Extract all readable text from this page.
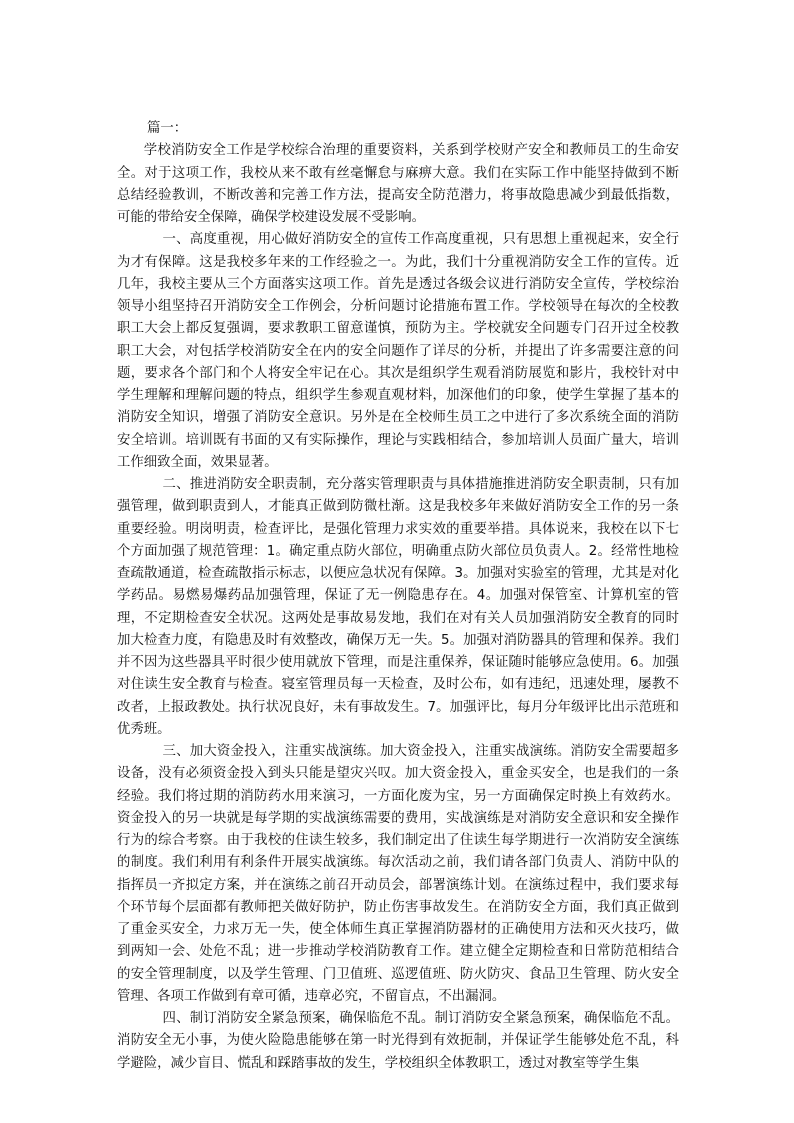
篇一：

学校消防安全工作是学校综合治理的重要资料，关系到学校财产安全和教师员工的生命安全。对于这项工作，我校从来不敢有丝毫懈怠与麻痹大意。我们在实际工作中能坚持做到不断总结经验教训，不断改善和完善工作方法，提高安全防范潜力，将事故隐患减少到最低指数，可能的带给安全保障，确保学校建设发展不受影响。

一、高度重视，用心做好消防安全的宣传工作高度重视，只有思想上重视起来，安全行为才有保障。这是我校多年来的工作经验之一。为此，我们十分重视消防安全工作的宣传。近几年，我校主要从三个方面落实这项工作。首先是透过各级会议进行消防安全宣传，学校综治领导小组坚持召开消防安全工作例会，分析问题讨论措施布置工作。学校领导在每次的全校教职工大会上都反复强调，要求教职工留意谨慎，预防为主。学校就安全问题专门召开过全校教职工大会，对包括学校消防安全在内的安全问题作了详尽的分析，并提出了许多需要注意的问题，要求各个部门和个人将安全牢记在心。其次是组织学生观看消防展览和影片，我校针对中学生理解和理解问题的特点，组织学生参观直观材料，加深他们的印象，使学生掌握了基本的消防安全知识，增强了消防安全意识。另外是在全校师生员工之中进行了多次系统全面的消防安全培训。培训既有书面的又有实际操作，理论与实践相结合，参加培训人员面广量大，培训工作细致全面，效果显著。

二、推进消防安全职责制，充分落实管理职责与具体措施推进消防安全职责制，只有加强管理，做到职责到人，才能真正做到防微杜渐。这是我校多年来做好消防安全工作的另一条重要经验。明岗明责，检查评比，是强化管理力求实效的重要举措。具体说来，我校在以下七个方面加强了规范管理：1。确定重点防火部位，明确重点防火部位员负责人。2。经常性地检查疏散通道，检查疏散指示标志，以便应急状况有保障。3。加强对实验室的管理，尤其是对化学药品。易燃易爆药品加强管理，保证了无一例隐患存在。4。加强对保管室、计算机室的管理，不定期检查安全状况。这两处是事故易发地，我们在对有关人员加强消防安全教育的同时加大检查力度，有隐患及时有效整改，确保万无一失。5。加强对消防器具的管理和保养。我们并不因为这些器具平时很少使用就放下管理，而是注重保养，保证随时能够应急使用。6。加强对住读生安全教育与检查。寝室管理员每一天检查，及时公布，如有违纪，迅速处理，屡教不改者，上报政教处。执行状况良好，未有事故发生。7。加强评比，每月分年级评比出示范班和优秀班。

三、加大资金投入，注重实战演练。加大资金投入，注重实战演练。消防安全需要超多设备，没有必须资金投入到头只能是望灾兴叹。加大资金投入，重金买安全，也是我们的一条经验。我们将过期的消防药水用来演习，一方面化废为宝，另一方面确保定时换上有效药水。资金投入的另一块就是每学期的实战演练需要的费用，实战演练是对消防安全意识和安全操作行为的综合考察。由于我校的住读生较多，我们制定出了住读生每学期进行一次消防安全演练的制度。我们利用有利条件开展实战演练。每次活动之前，我们请各部门负责人、消防中队的指挥员一齐拟定方案，并在演练之前召开动员会，部署演练计划。在演练过程中，我们要求每个环节每个层面都有教师把关做好防护，防止伤害事故发生。在消防安全方面，我们真正做到了重金买安全，力求万无一失，使全体师生真正掌握消防器材的正确使用方法和灭火技巧，做到两知一会、处危不乱；进一步推动学校消防教育工作。建立健全定期检查和日常防范相结合的安全管理制度，以及学生管理、门卫值班、巡逻值班、防火防灾、食品卫生管理、防火安全管理、各项工作做到有章可循，违章必究，不留盲点，不出漏洞。

四、制订消防安全紧急预案，确保临危不乱。制订消防安全紧急预案，确保临危不乱。消防安全无小事，为使火险隐患能够在第一时光得到有效扼制，并保证学生能够处危不乱，科学避险，减少盲目、慌乱和踩踏事故的发生，学校组织全体教职工，透过对教室等学生集
